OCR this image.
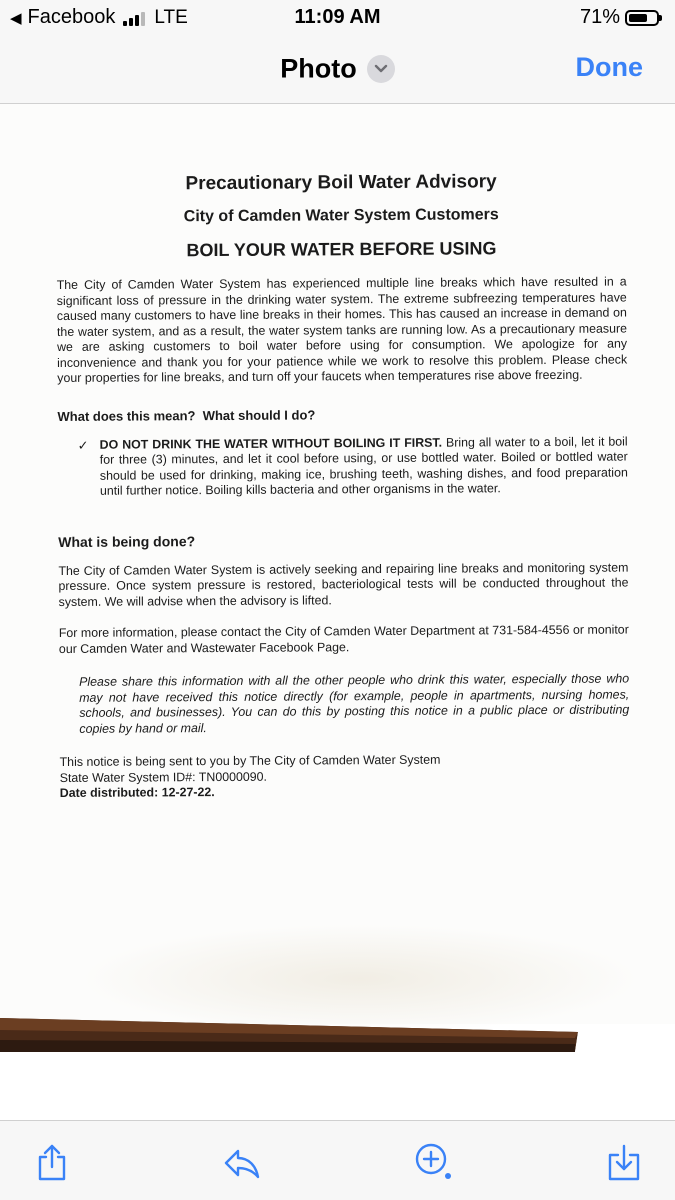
◀ Facebook LTE	11:09 AM	71%
Photo	Done
Precautionary Boil Water Advisory
City of Camden Water System Customers
BOIL YOUR WATER BEFORE USING
The City of Camden Water System has experienced multiple line breaks which have resulted in a significant loss of pressure in the drinking water system. The extreme subfreezing temperatures have caused many customers to have line breaks in their homes. This has caused an increase in demand on the water system, and as a result, the water system tanks are running low. As a precautionary measure we are asking customers to boil water before using for consumption. We apologize for any inconvenience and thank you for your patience while we work to resolve this problem. Please check your properties for line breaks, and turn off your faucets when temperatures rise above freezing.
What does this mean? What should I do?
✓ DO NOT DRINK THE WATER WITHOUT BOILING IT FIRST. Bring all water to a boil, let it boil for three (3) minutes, and let it cool before using, or use bottled water. Boiled or bottled water should be used for drinking, making ice, brushing teeth, washing dishes, and food preparation until further notice. Boiling kills bacteria and other organisms in the water.
What is being done?
The City of Camden Water System is actively seeking and repairing line breaks and monitoring system pressure. Once system pressure is restored, bacteriological tests will be conducted throughout the system. We will advise when the advisory is lifted.
For more information, please contact the City of Camden Water Department at 731-584-4556 or monitor our Camden Water and Wastewater Facebook Page.
Please share this information with all the other people who drink this water, especially those who may not have received this notice directly (for example, people in apartments, nursing homes, schools, and businesses). You can do this by posting this notice in a public place or distributing copies by hand or mail.
This notice is being sent to you by The City of Camden Water System
State Water System ID#: TN0000090.
Date distributed: 12-27-22.
